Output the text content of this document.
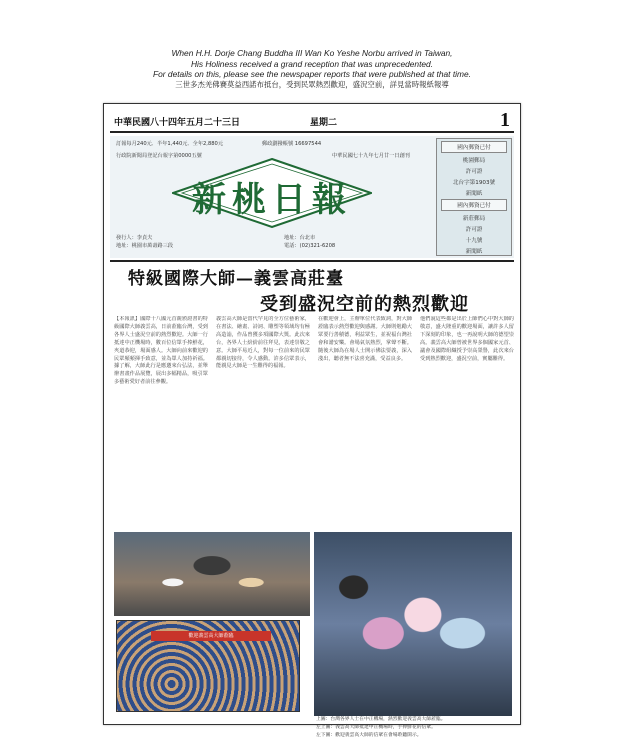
When H.H. Dorje Chang Buddha III Wan Ko Yeshe Norbu arrived in Taiwan,
His Holiness received a grand reception that was unprecedented.
For details on this, please see the newspaper reports that were published at that time.
三世多杰羌佛賽莫益西諾布抵台，受到民眾熱烈歡迎，盛況空前，詳見當時報紙報導
中華民國八十四年五月二十三日	星期二	1
訂報每月240元．半年1,440元．全年2,880元	郵政劃撥帳號 16697544
行政院新聞局登記台報字第0000五號	中華民國七十九年七月廿一日創刊
新桃日報
發行人：李貞夫
地址：桃園市萬壽路三段
地址：台北市
電話：(02)321-6208
國內郵資已付
桃園郵局
許可證
北台字第1903號
新聞紙
國內郵資已付
新莊郵局
許可證
十九號
新聞紙
特級國際大師—義雲高莊臺
受到盛況空前的熱烈歡迎
【本報訊】國際十八國元首親頒證書的特級國際大師義雲高，日前蒞臨台灣，受到各界人士盛況空前的熱烈歡迎。大師一行抵達中正機場時，數百位信眾手捧鮮花，夾道恭迎，場面感人。大師向前來歡迎的民眾頻頻揮手致意，並為眾人加持祈福。據了解，大師此行是應邀來台弘法，並舉辦書畫作品展覽，展出多幅精品，吸引眾多藝術愛好者前往參觀。
義雲高大師是當代罕見的全方位藝術家，在書法、繪畫、詩詞、雕塑等領域均有極高造詣，作品曾獲多項國際大獎。此次來台，各界人士紛紛前往拜見，表達崇敬之意。大師平易近人，對每一位前來的民眾都親切接待，令人感動。許多信眾表示，能親見大師是一生難得的福報。
在歡迎會上，主辦單位代表致詞，對大師蒞臨表示熱烈歡迎與感謝。大師則勉勵大眾要行善積德，利益眾生，並祝福台灣社會和諧安樂。會場氣氛熱烈，掌聲不斷。隨後大師為在場人士開示佛法要義，深入淺出，聽者無不法喜充滿，受益良多。
他們說這些都是出於上師們心中對大師的敬意，盛大隆重的歡迎場面，讓許多人留下深刻的印象，也一再說明大師的德望崇高。義雲高大師曾被世界多個國家元首、議會及國際組織授予崇高榮譽，此次來台受到熱烈歡迎，盛況空前，實屬難得。
歡迎義雲高大師蒞臨
上圖：台灣各界人士在中正機場，熱烈歡迎義雲高大師蒞臨。
左上圖：義雲高大師抵達中正機場時，手捧鮮花的信眾。
左下圖：歡迎義雲高大師的信眾在會場聆聽開示。
